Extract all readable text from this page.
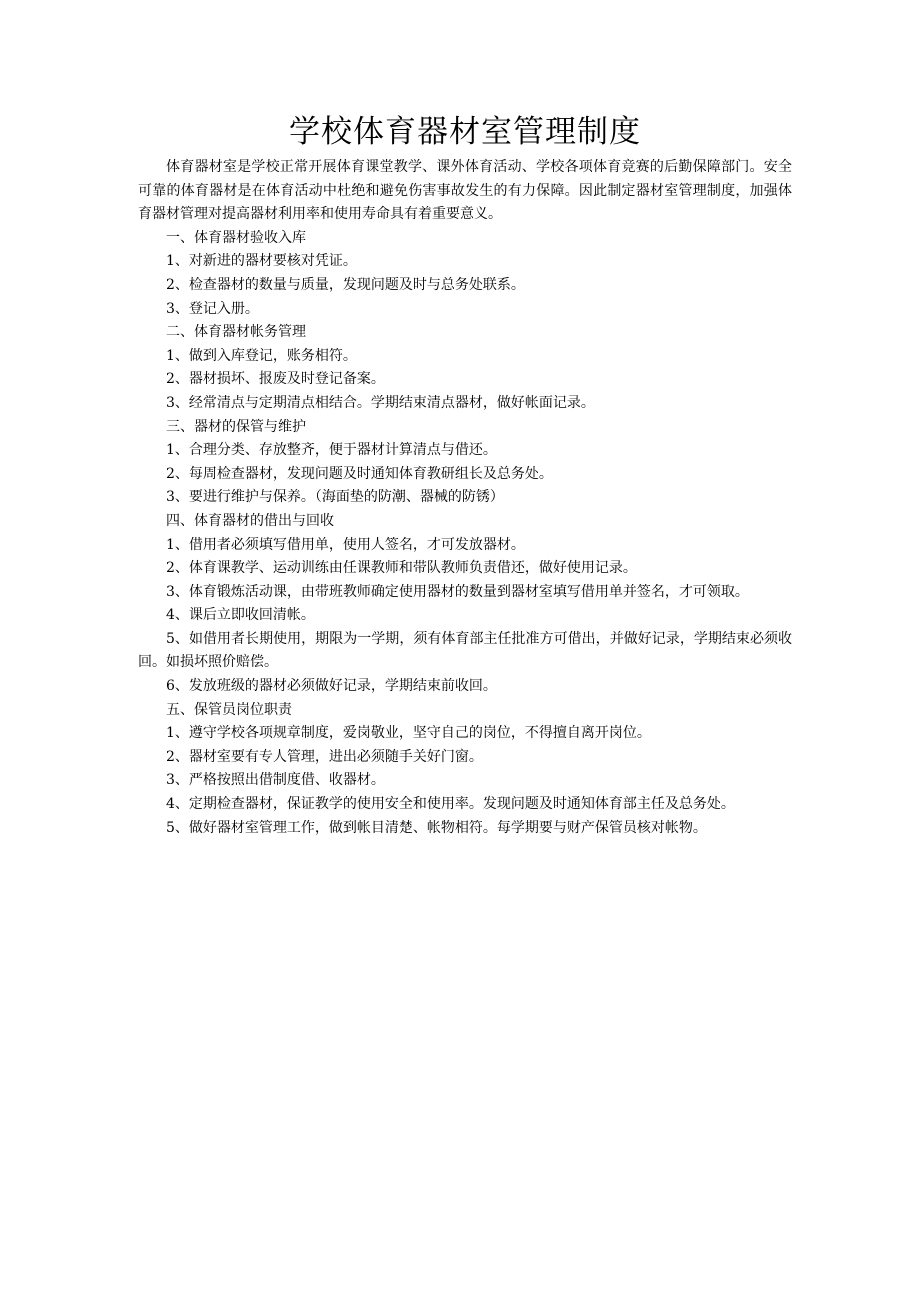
学校体育器材室管理制度

体育器材室是学校正常开展体育课堂教学、课外体育活动、学校各项体育竞赛的后勤保障部门。安全可靠的体育器材是在体育活动中杜绝和避免伤害事故发生的有力保障。因此制定器材室管理制度，加强体育器材管理对提高器材利用率和使用寿命具有着重要意义。

一、体育器材验收入库

1、对新进的器材要核对凭证。

2、检查器材的数量与质量，发现问题及时与总务处联系。

3、登记入册。

二、体育器材帐务管理

1、做到入库登记，账务相符。

2、器材损坏、报废及时登记备案。

3、经常清点与定期清点相结合。学期结束清点器材，做好帐面记录。

三、器材的保管与维护

1、合理分类、存放整齐，便于器材计算清点与借还。

2、每周检查器材，发现问题及时通知体育教研组长及总务处。

3、要进行维护与保养。（海面垫的防潮、器械的防锈）

四、体育器材的借出与回收

1、借用者必须填写借用单，使用人签名，才可发放器材。

2、体育课教学、运动训练由任课教师和带队教师负责借还，做好使用记录。

3、体育锻炼活动课，由带班教师确定使用器材的数量到器材室填写借用单并签名，才可领取。

4、课后立即收回清帐。

5、如借用者长期使用，期限为一学期，须有体育部主任批准方可借出，并做好记录，学期结束必须收回。如损坏照价赔偿。

6、发放班级的器材必须做好记录，学期结束前收回。

五、保管员岗位职责

1、遵守学校各项规章制度，爱岗敬业，坚守自己的岗位，不得擅自离开岗位。

2、器材室要有专人管理，进出必须随手关好门窗。

3、严格按照出借制度借、收器材。

4、定期检查器材，保证教学的使用安全和使用率。发现问题及时通知体育部主任及总务处。

5、做好器材室管理工作，做到帐目清楚、帐物相符。每学期要与财产保管员核对帐物。
